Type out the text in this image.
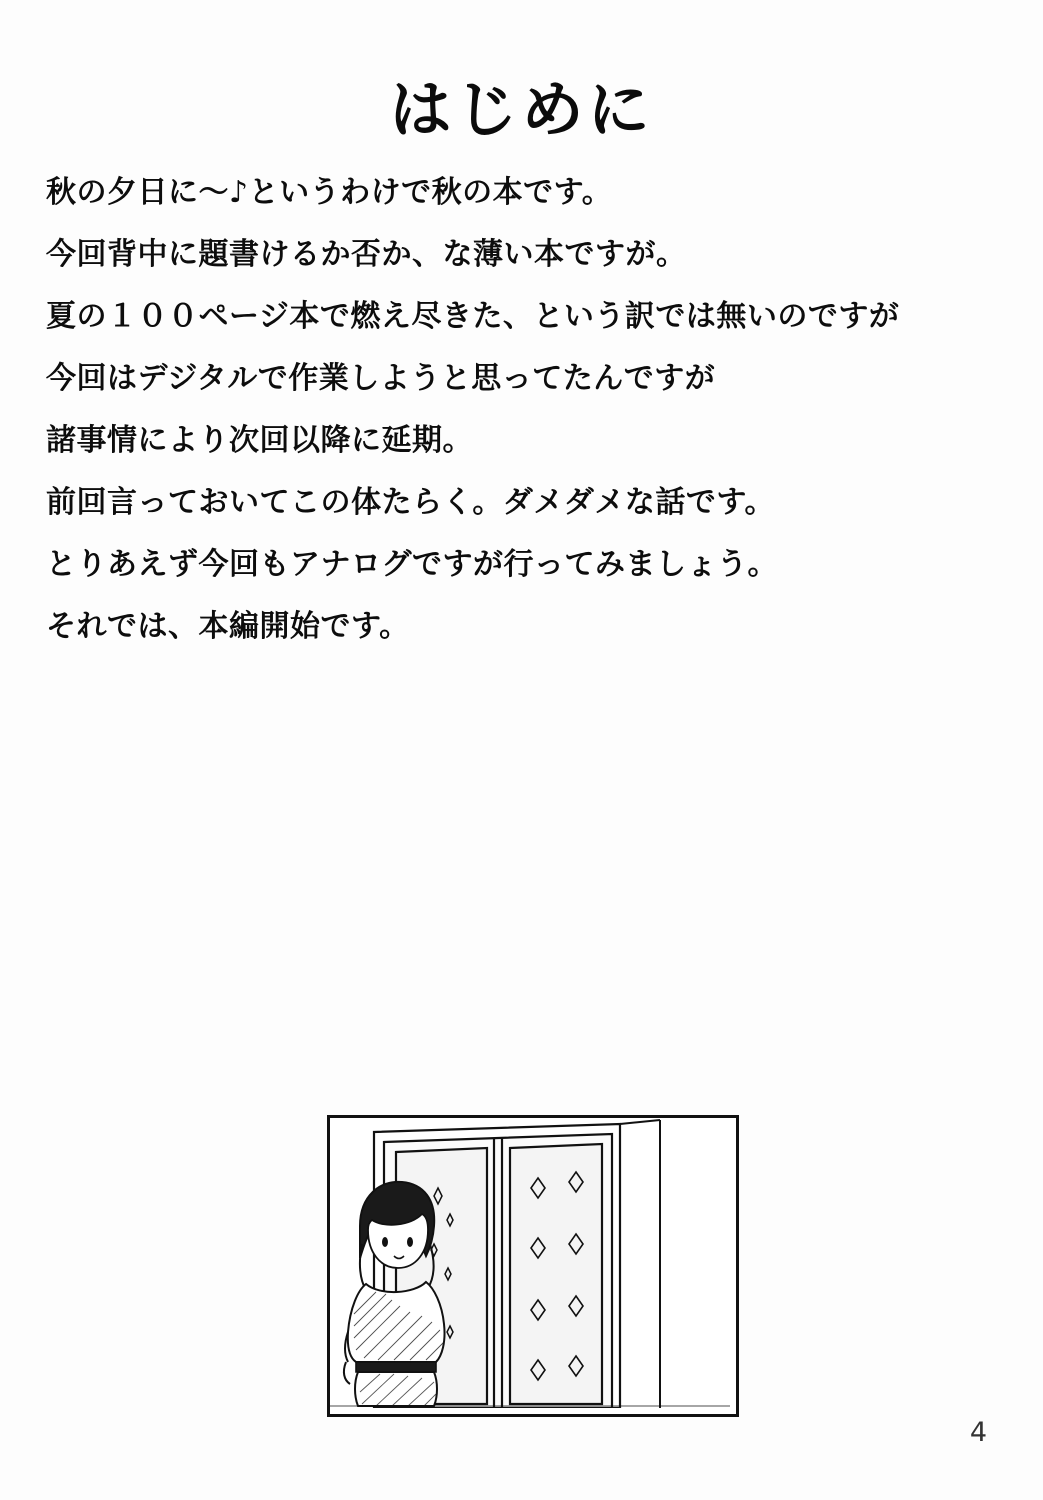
はじめに

秋の夕日に〜♪というわけで秋の本です。

今回背中に題書けるか否か、な薄い本ですが。

夏の１００ページ本で燃え尽きた、という訳では無いのですが

今回はデジタルで作業しようと思ってたんですが

諸事情により次回以降に延期。

前回言っておいてこの体たらく。ダメダメな話です。

とりあえず今回もアナログですが行ってみましょう。

それでは、本編開始です。

4
